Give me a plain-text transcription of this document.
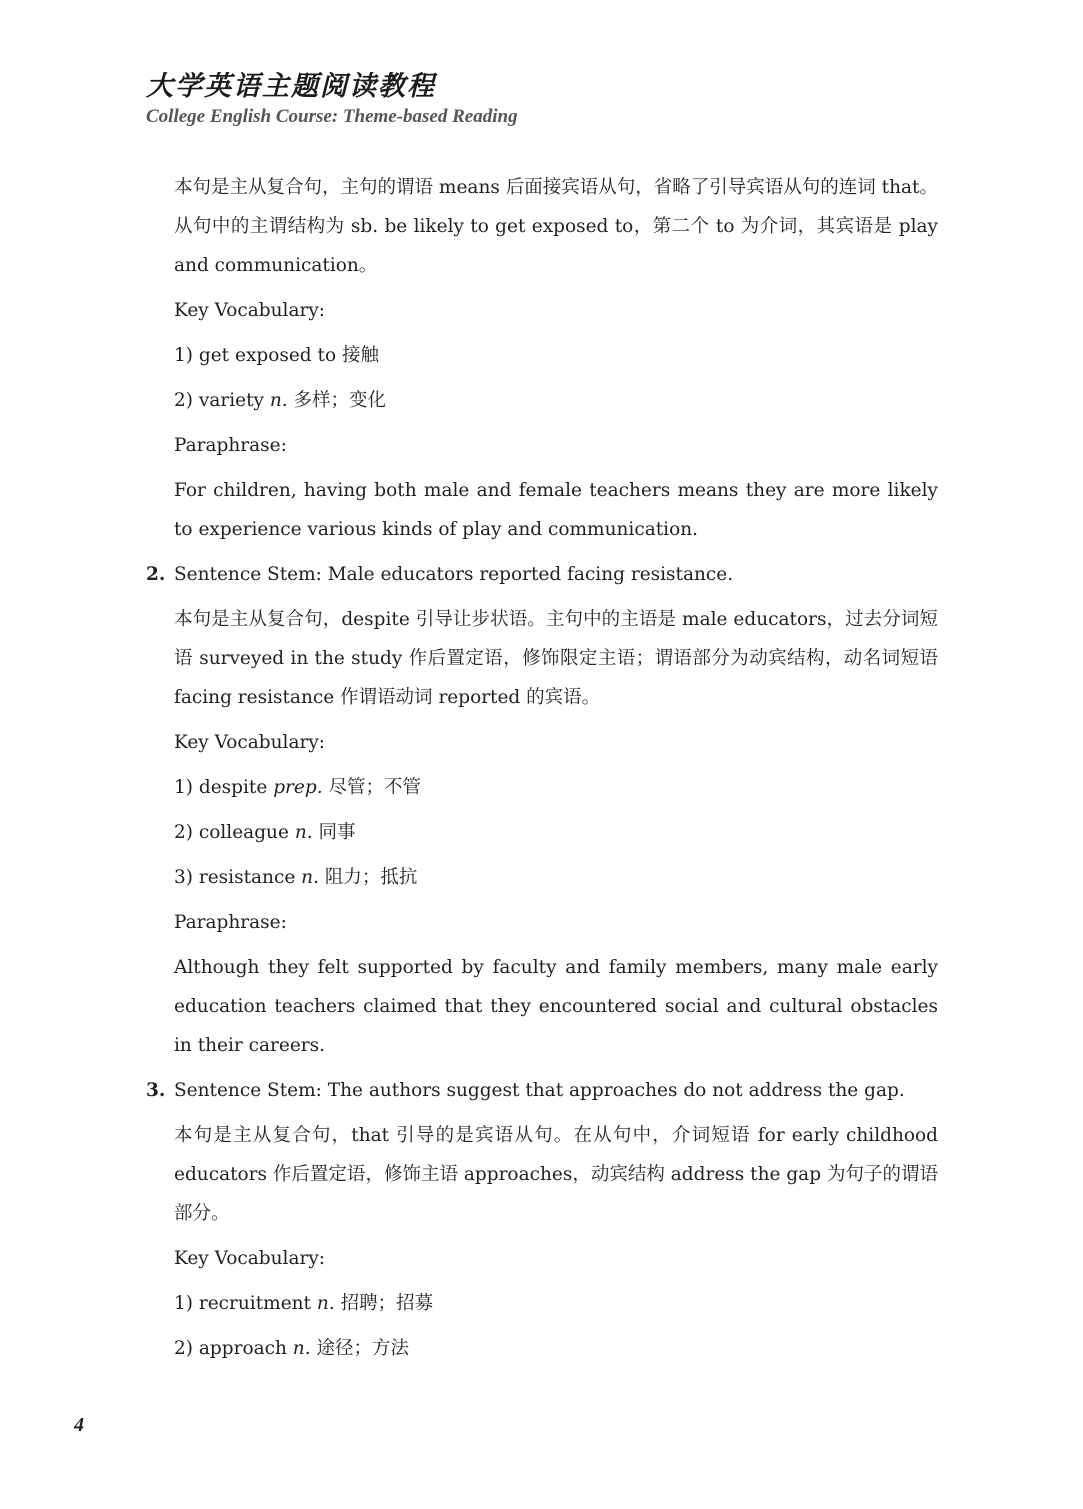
大学英语主题阅读教程
College English Course: Theme-based Reading

本句是主从复合句，主句的谓语 means 后面接宾语从句，省略了引导宾语从句的连词 that。从句中的主谓结构为 sb. be likely to get exposed to，第二个 to 为介词，其宾语是 play and communication。

Key Vocabulary:

1) get exposed to 接触

2) variety n. 多样；变化

Paraphrase:

For children, having both male and female teachers means they are more likely to experience various kinds of play and communication.

2. Sentence Stem: Male educators reported facing resistance.

本句是主从复合句，despite 引导让步状语。主句中的主语是 male educators，过去分词短语 surveyed in the study 作后置定语，修饰限定主语；谓语部分为动宾结构，动名词短语 facing resistance 作谓语动词 reported 的宾语。

Key Vocabulary:

1) despite prep. 尽管；不管

2) colleague n. 同事

3) resistance n. 阻力；抵抗

Paraphrase:

Although they felt supported by faculty and family members, many male early education teachers claimed that they encountered social and cultural obstacles in their careers.

3. Sentence Stem: The authors suggest that approaches do not address the gap.

本句是主从复合句，that 引导的是宾语从句。在从句中，介词短语 for early childhood educators 作后置定语，修饰主语 approaches，动宾结构 address the gap 为句子的谓语部分。

Key Vocabulary:

1) recruitment n. 招聘；招募

2) approach n. 途径；方法

4
